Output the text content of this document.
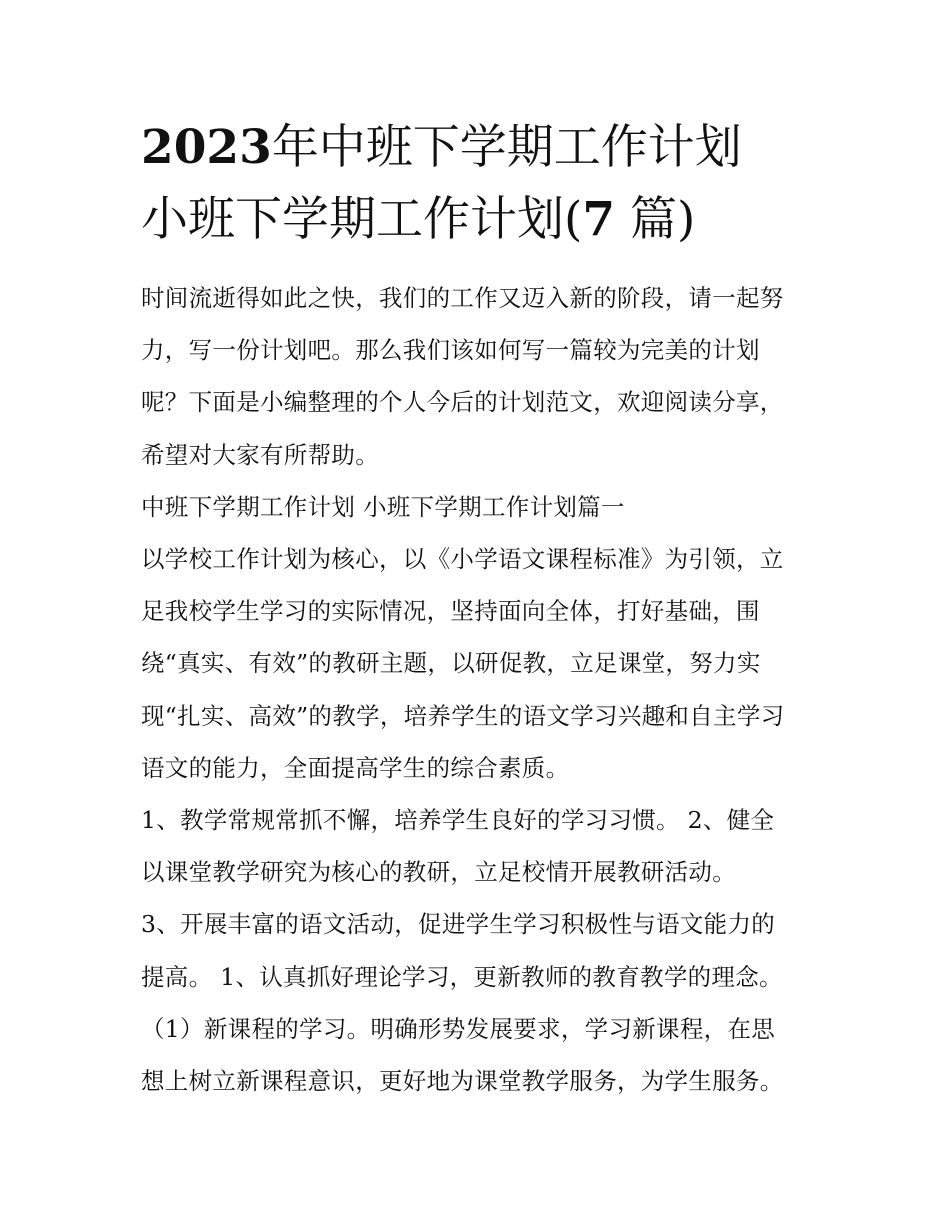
2023年中班下学期工作计划
小班下学期工作计划(7 篇)

时间流逝得如此之快，我们的工作又迈入新的阶段，请一起努

力，写一份计划吧。那么我们该如何写一篇较为完美的计划

呢？下面是小编整理的个人今后的计划范文，欢迎阅读分享，

希望对大家有所帮助。

中班下学期工作计划 小班下学期工作计划篇一

以学校工作计划为核心，以《小学语文课程标准》为引领，立

足我校学生学习的实际情况，坚持面向全体，打好基础，围

绕“真实、有效”的教研主题，以研促教，立足课堂，努力实

现“扎实、高效”的教学，培养学生的语文学习兴趣和自主学习

语文的能力，全面提高学生的综合素质。

1、教学常规常抓不懈，培养学生良好的学习习惯。 2、健全

以课堂教学研究为核心的教研，立足校情开展教研活动。

3、开展丰富的语文活动，促进学生学习积极性与语文能力的

提高。 1、认真抓好理论学习，更新教师的教育教学的理念。

（1）新课程的学习。明确形势发展要求，学习新课程，在思

想上树立新课程意识，更好地为课堂教学服务，为学生服务。
